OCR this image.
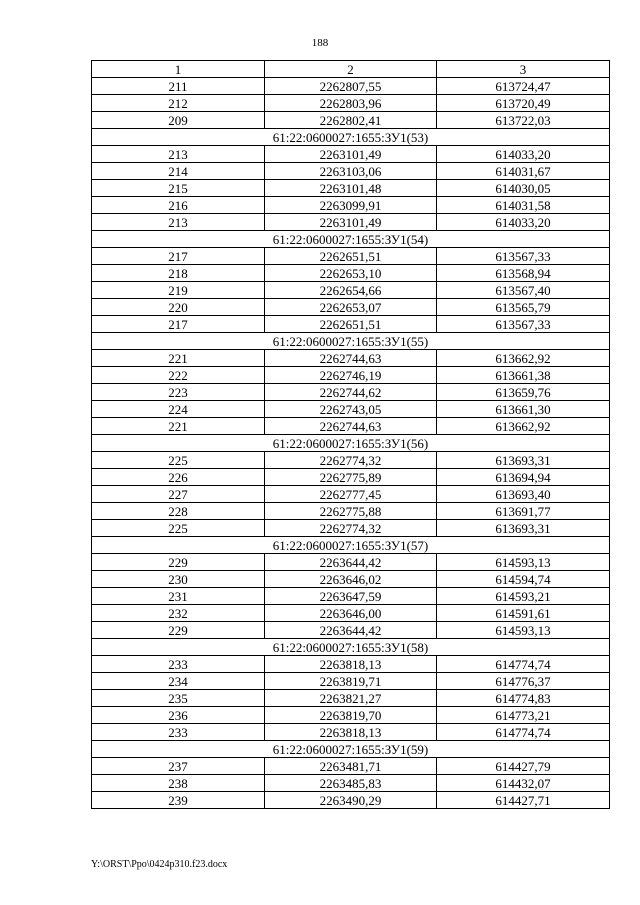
188
1	2	3
211	2262807,55	613724,47
212	2262803,96	613720,49
209	2262802,41	613722,03
61:22:0600027:1655:ЗУ1(53)		
213	2263101,49	614033,20
214	2263103,06	614031,67
215	2263101,48	614030,05
216	2263099,91	614031,58
213	2263101,49	614033,20
61:22:0600027:1655:ЗУ1(54)		
217	2262651,51	613567,33
218	2262653,10	613568,94
219	2262654,66	613567,40
220	2262653,07	613565,79
217	2262651,51	613567,33
61:22:0600027:1655:ЗУ1(55)		
221	2262744,63	613662,92
222	2262746,19	613661,38
223	2262744,62	613659,76
224	2262743,05	613661,30
221	2262744,63	613662,92
61:22:0600027:1655:ЗУ1(56)		
225	2262774,32	613693,31
226	2262775,89	613694,94
227	2262777,45	613693,40
228	2262775,88	613691,77
225	2262774,32	613693,31
61:22:0600027:1655:ЗУ1(57)		
229	2263644,42	614593,13
230	2263646,02	614594,74
231	2263647,59	614593,21
232	2263646,00	614591,61
229	2263644,42	614593,13
61:22:0600027:1655:ЗУ1(58)		
233	2263818,13	614774,74
234	2263819,71	614776,37
235	2263821,27	614774,83
236	2263819,70	614773,21
233	2263818,13	614774,74
61:22:0600027:1655:ЗУ1(59)		
237	2263481,71	614427,79
238	2263485,83	614432,07
239	2263490,29	614427,71
Y:\ORST\Ppo\0424p310.f23.docx
